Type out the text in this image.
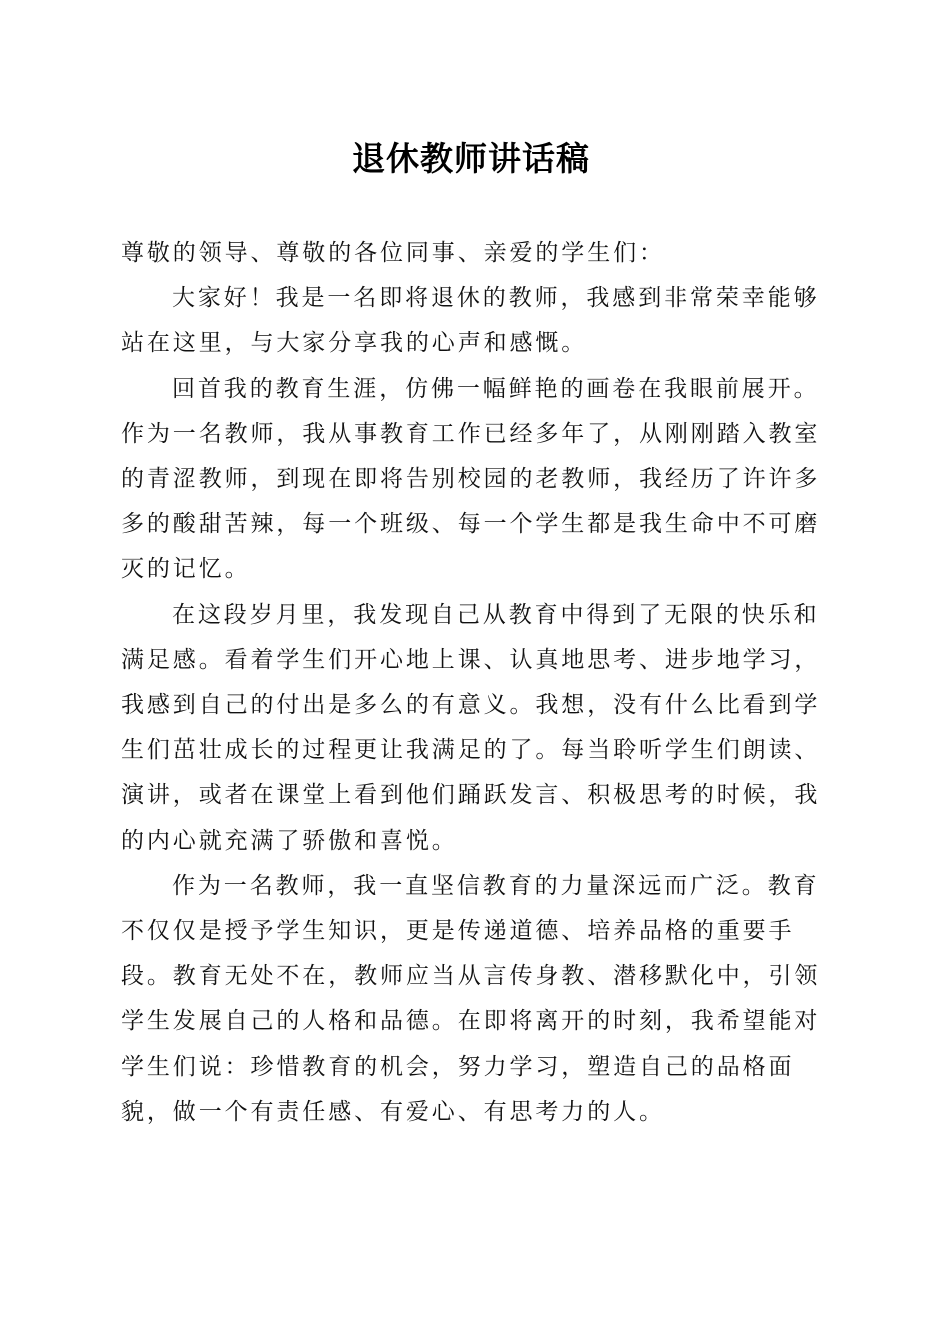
退休教师讲话稿

尊敬的领导、尊敬的各位同事、亲爱的学生们：

大家好！我是一名即将退休的教师，我感到非常荣幸能够站在这里，与大家分享我的心声和感慨。

回首我的教育生涯，仿佛一幅鲜艳的画卷在我眼前展开。作为一名教师，我从事教育工作已经多年了，从刚刚踏入教室的青涩教师，到现在即将告别校园的老教师，我经历了许许多多的酸甜苦辣，每一个班级、每一个学生都是我生命中不可磨灭的记忆。

在这段岁月里，我发现自己从教育中得到了无限的快乐和满足感。看着学生们开心地上课、认真地思考、进步地学习，我感到自己的付出是多么的有意义。我想，没有什么比看到学生们茁壮成长的过程更让我满足的了。每当聆听学生们朗读、演讲，或者在课堂上看到他们踊跃发言、积极思考的时候，我的内心就充满了骄傲和喜悦。

作为一名教师，我一直坚信教育的力量深远而广泛。教育不仅仅是授予学生知识，更是传递道德、培养品格的重要手段。教育无处不在，教师应当从言传身教、潜移默化中，引领学生发展自己的人格和品德。在即将离开的时刻，我希望能对学生们说：珍惜教育的机会，努力学习，塑造自己的品格面貌，做一个有责任感、有爱心、有思考力的人。
